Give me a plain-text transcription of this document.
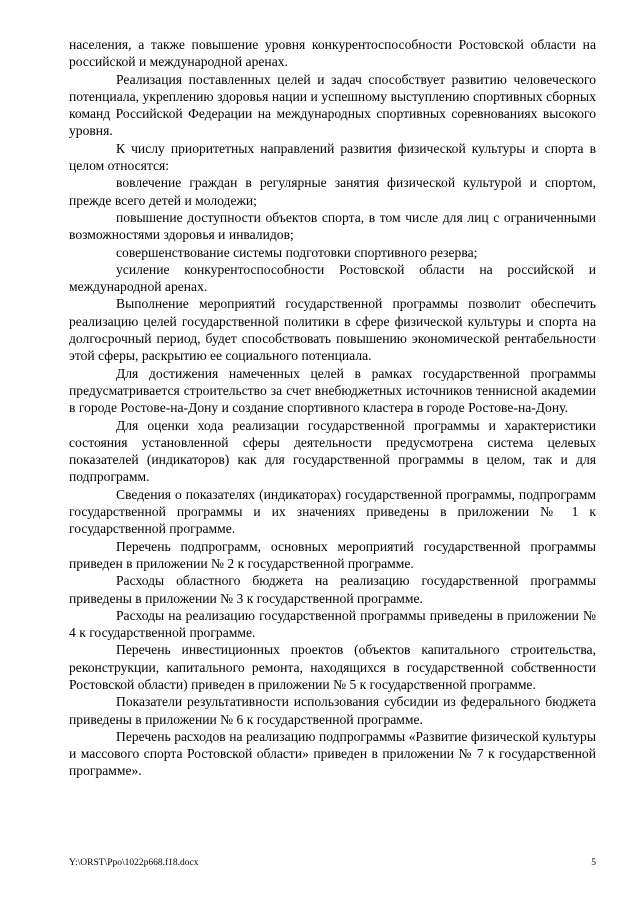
населения, а также повышение уровня конкурентоспособности Ростовской области на российской и международной аренах.

Реализация поставленных целей и задач способствует развитию человеческого потенциала, укреплению здоровья нации и успешному выступлению спортивных сборных команд Российской Федерации на международных спортивных соревнованиях высокого уровня.

К числу приоритетных направлений развития физической культуры и спорта в целом относятся:

вовлечение граждан в регулярные занятия физической культурой и спортом, прежде всего детей и молодежи;

повышение доступности объектов спорта, в том числе для лиц с ограниченными возможностями здоровья и инвалидов;

совершенствование системы подготовки спортивного резерва;

усиление конкурентоспособности Ростовской области на российской и международной аренах.

Выполнение мероприятий государственной программы позволит обеспечить реализацию целей государственной политики в сфере физической культуры и спорта на долгосрочный период, будет способствовать повышению экономической рентабельности этой сферы, раскрытию ее социального потенциала.

Для достижения намеченных целей в рамках государственной программы предусматривается строительство за счет внебюджетных источников теннисной академии в городе Ростове-на-Дону и создание спортивного кластера в городе Ростове-на-Дону.

Для оценки хода реализации государственной программы и характеристики состояния установленной сферы деятельности предусмотрена система целевых показателей (индикаторов) как для государственной программы в целом, так и для подпрограмм.

Сведения о показателях (индикаторах) государственной программы, подпрограмм государственной программы и их значениях приведены в приложении № 1 к государственной программе.

Перечень подпрограмм, основных мероприятий государственной программы приведен в приложении № 2 к государственной программе.

Расходы областного бюджета на реализацию государственной программы приведены в приложении № 3 к государственной программе.

Расходы на реализацию государственной программы приведены в приложении № 4 к государственной программе.

Перечень инвестиционных проектов (объектов капитального строительства, реконструкции, капитального ремонта, находящихся в государственной собственности Ростовской области) приведен в приложении № 5 к государственной программе.

Показатели результативности использования субсидии из федерального бюджета приведены в приложении № 6 к государственной программе.

Перечень расходов на реализацию подпрограммы «Развитие физической культуры и массового спорта Ростовской области» приведен в приложении № 7 к государственной программе».

Y:\ORST\Ppo\1022p668.f18.docx	5
